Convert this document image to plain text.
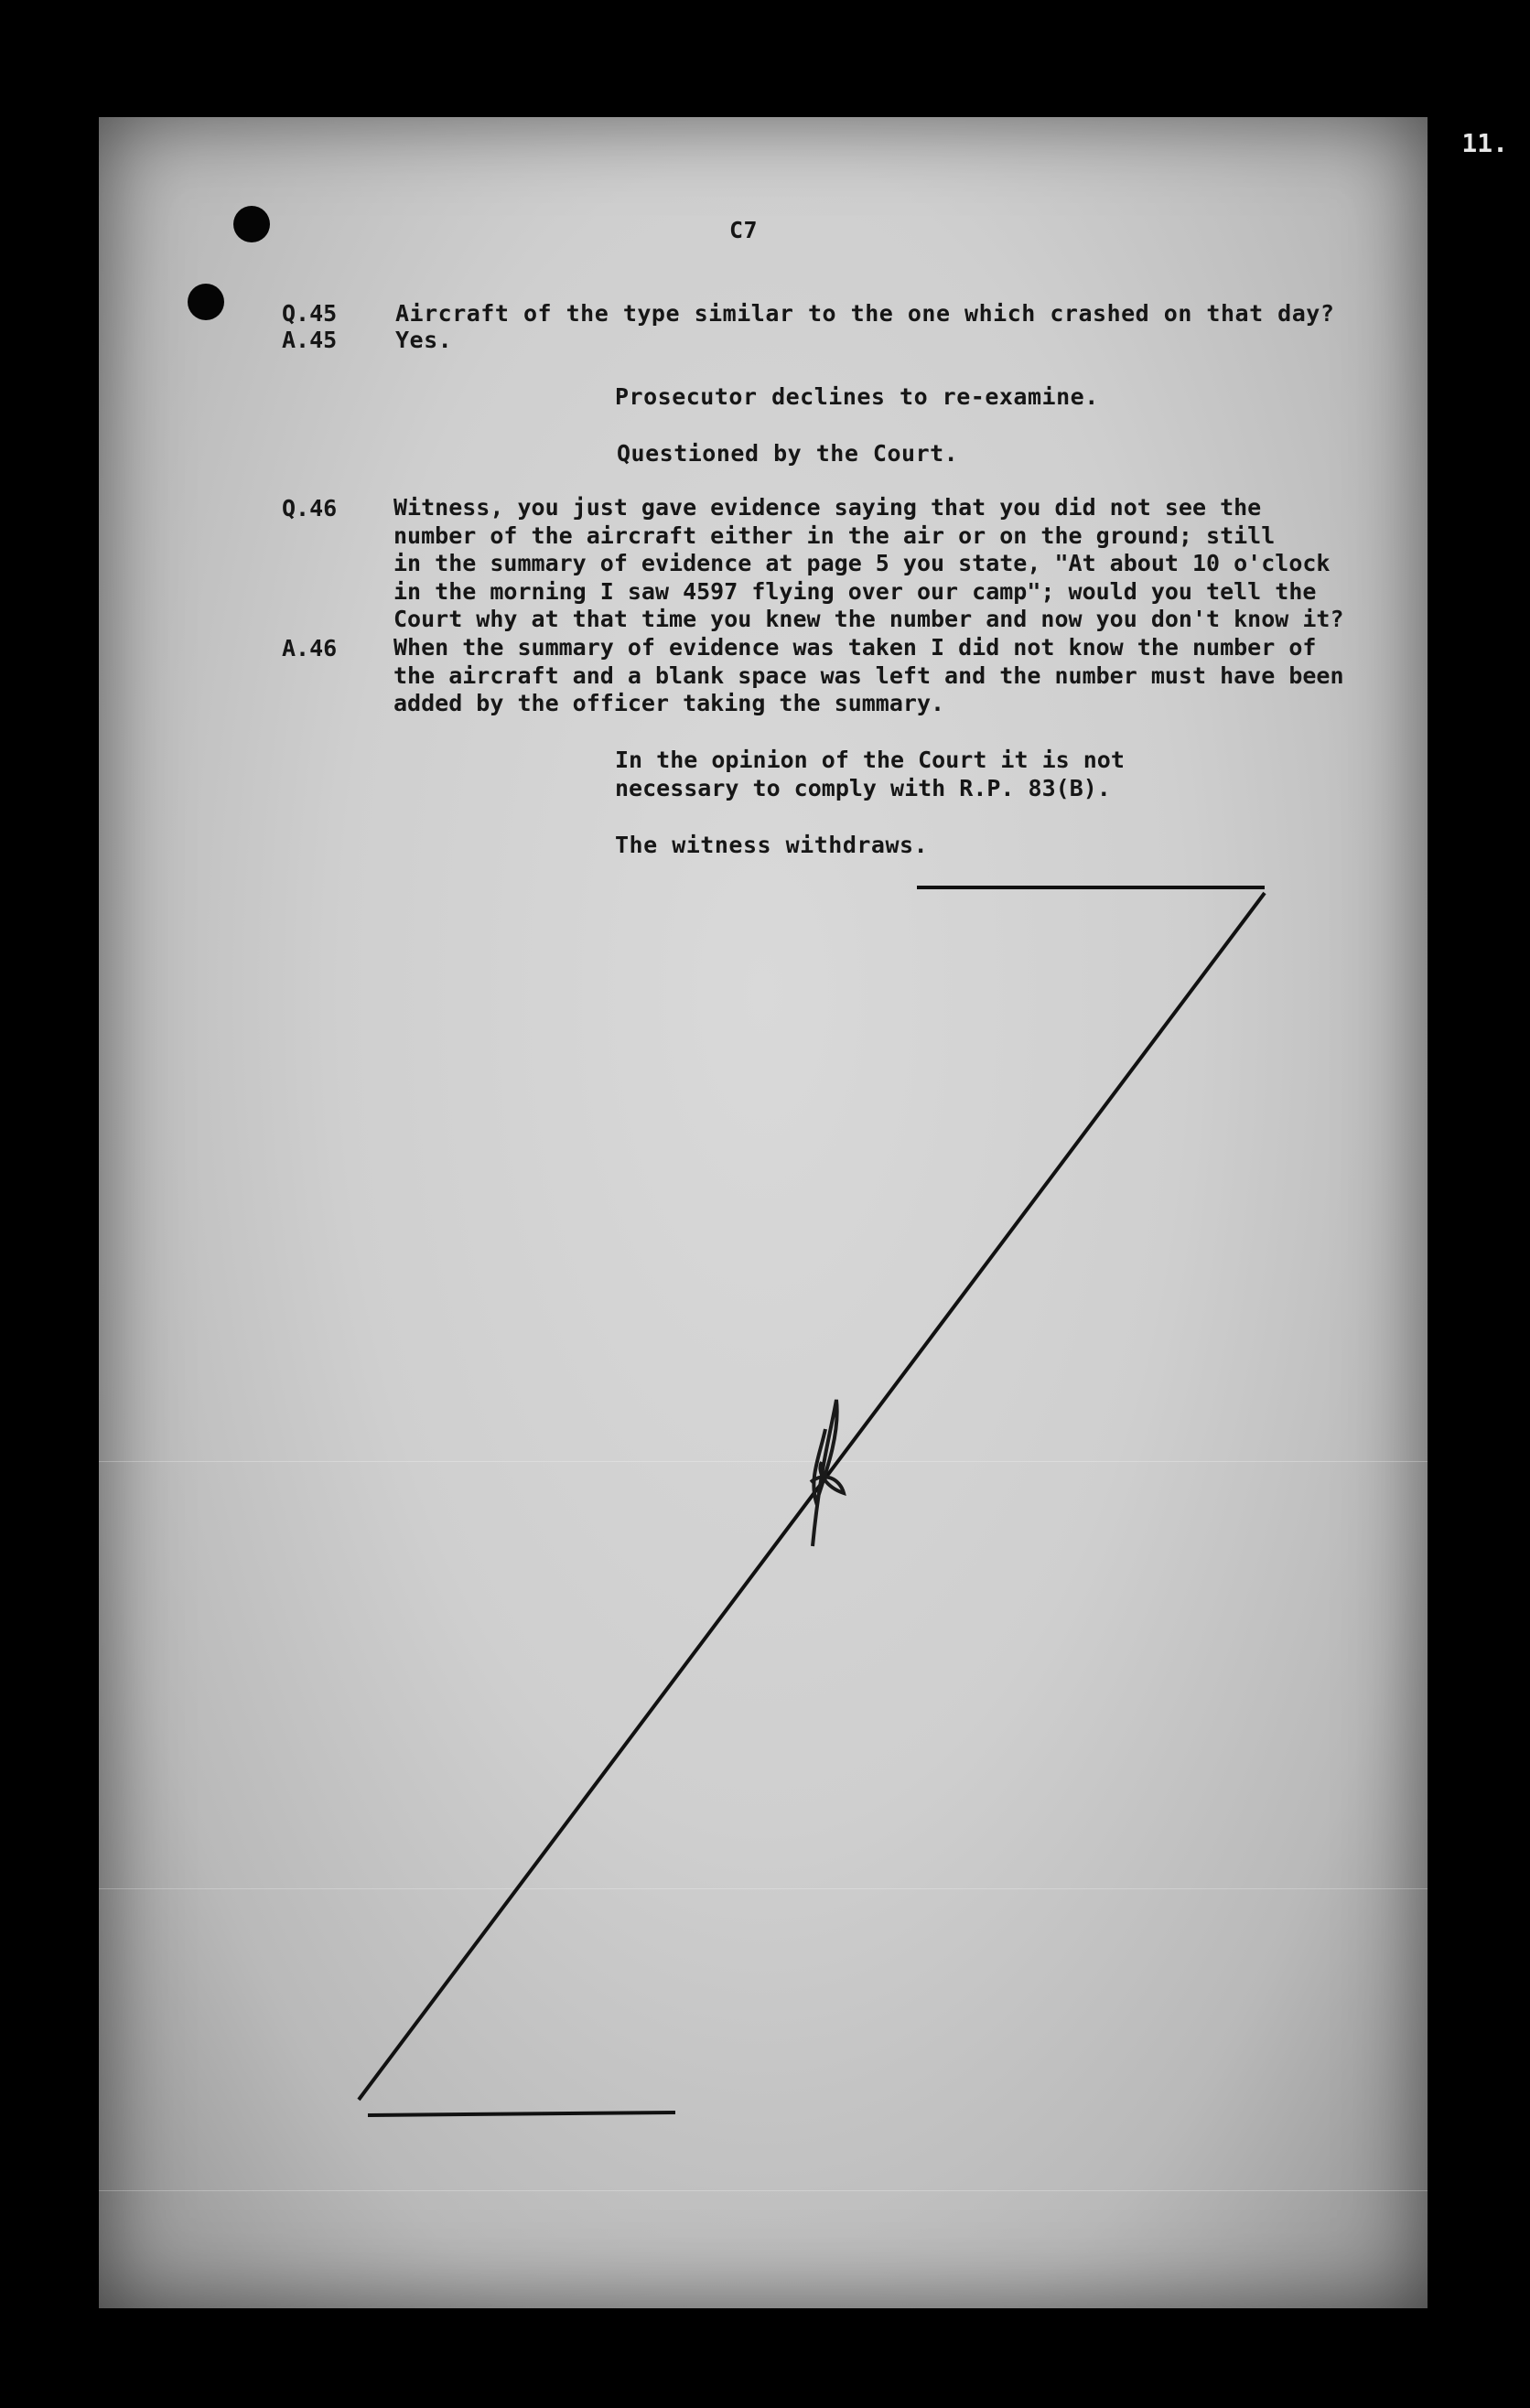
11.
C7
Q.45	Aircraft of the type similar to the one which crashed on that day?
A.45	Yes.
Prosecutor declines to re-examine.
Questioned by the Court.
Q.46 Witness, you just gave evidence saying that you did not see the
number of the aircraft either in the air or on the ground; still
in the summary of evidence at page 5 you state, "At about 10 o'clock
in the morning I saw 4597 flying over our camp"; would you tell the
Court why at that time you knew the number and now you don't know it?
A.46 When the summary of evidence was taken I did not know the number of
the aircraft and a blank space was left and the number must have been
added by the officer taking the summary.
In the opinion of the Court it is not
necessary to comply with R.P. 83(B).
The witness withdraws.
